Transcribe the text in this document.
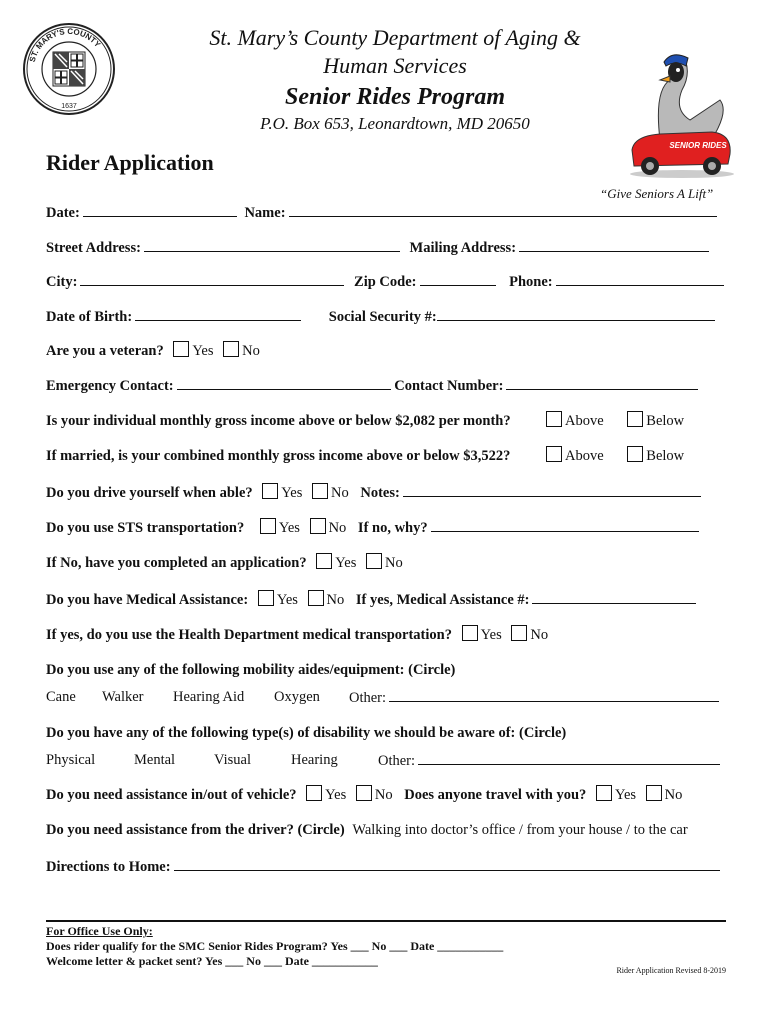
ST. MARY'S COUNTY
1637
SENIOR RIDES
St. Mary’s County Department of Aging &
Human Services
Senior Rides Program
P.O. Box 653, Leonardtown, MD 20650
Rider Application
“Give Seniors A Lift”
Date:	Name:
Street Address:	Mailing Address:
City:	Zip Code:	Phone:
Date of Birth:	Social Security #:
Are you a veteran? Yes No
Emergency Contact:	Contact Number:
Is your individual monthly gross income above or below $2,082 per month?	Above	Below
If married, is your combined monthly gross income above or below $3,522?	Above	Below
Do you drive yourself when able? Yes No Notes:
Do you use STS transportation? Yes No If no, why?
If No, have you completed an application? Yes No
Do you have Medical Assistance: Yes No If yes, Medical Assistance #:
If yes, do you use the Health Department medical transportation? Yes No
Do you use any of the following mobility aides/equipment: (Circle)
Cane Walker Hearing Aid Oxygen Other:
Do you have any of the following type(s) of disability we should be aware of: (Circle)
Physical	Mental	Visual	Hearing	Other:
Do you need assistance in/out of vehicle? Yes No Does anyone travel with you? Yes No
Do you need assistance from the driver? (Circle) Walking into doctor’s office / from your house / to the car
Directions to Home:
For Office Use Only:
Does rider qualify for the SMC Senior Rides Program? Yes ___ No ___ Date ___________
Welcome letter & packet sent? Yes ___ No ___ Date ___________
Rider Application Revised 8-2019
